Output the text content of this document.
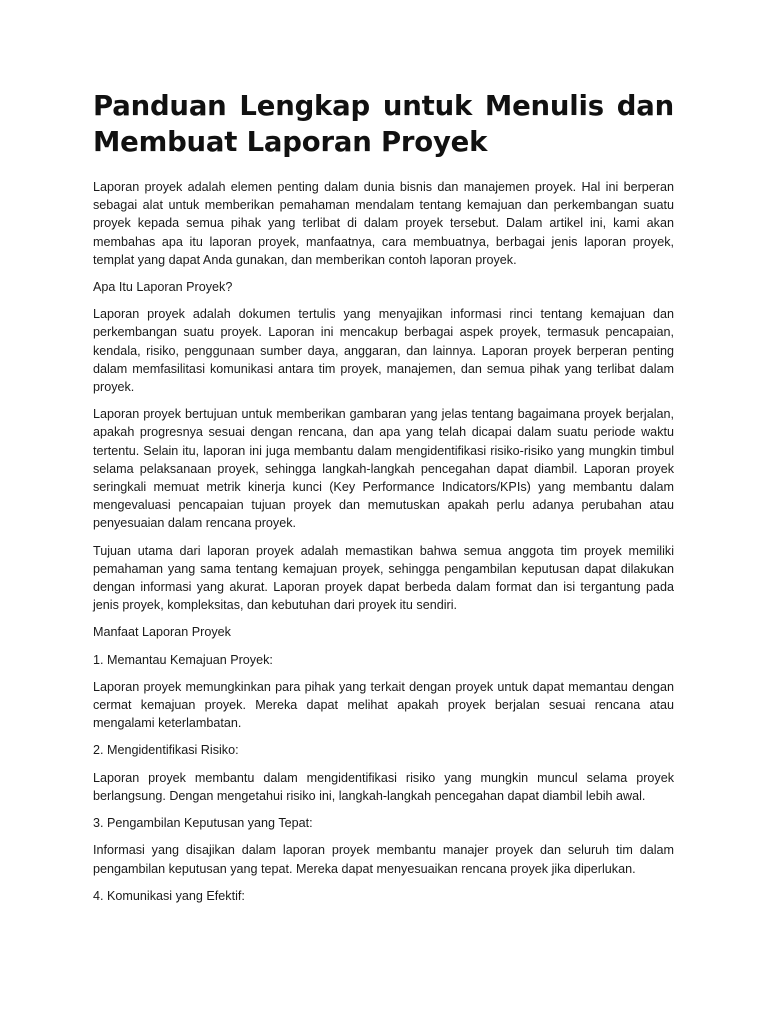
Panduan Lengkap untuk Menulis dan Membuat Laporan Proyek

Laporan proyek adalah elemen penting dalam dunia bisnis dan manajemen proyek. Hal ini berperan sebagai alat untuk memberikan pemahaman mendalam tentang kemajuan dan perkembangan suatu proyek kepada semua pihak yang terlibat di dalam proyek tersebut. Dalam artikel ini, kami akan membahas apa itu laporan proyek, manfaatnya, cara membuatnya, berbagai jenis laporan proyek, templat yang dapat Anda gunakan, dan memberikan contoh laporan proyek.

Apa Itu Laporan Proyek?

Laporan proyek adalah dokumen tertulis yang menyajikan informasi rinci tentang kemajuan dan perkembangan suatu proyek. Laporan ini mencakup berbagai aspek proyek, termasuk pencapaian, kendala, risiko, penggunaan sumber daya, anggaran, dan lainnya. Laporan proyek berperan penting dalam memfasilitasi komunikasi antara tim proyek, manajemen, dan semua pihak yang terlibat dalam proyek.

Laporan proyek bertujuan untuk memberikan gambaran yang jelas tentang bagaimana proyek berjalan, apakah progresnya sesuai dengan rencana, dan apa yang telah dicapai dalam suatu periode waktu tertentu. Selain itu, laporan ini juga membantu dalam mengidentifikasi risiko-risiko yang mungkin timbul selama pelaksanaan proyek, sehingga langkah-langkah pencegahan dapat diambil. Laporan proyek seringkali memuat metrik kinerja kunci (Key Performance Indicators/KPIs) yang membantu dalam mengevaluasi pencapaian tujuan proyek dan memutuskan apakah perlu adanya perubahan atau penyesuaian dalam rencana proyek.

Tujuan utama dari laporan proyek adalah memastikan bahwa semua anggota tim proyek memiliki pemahaman yang sama tentang kemajuan proyek, sehingga pengambilan keputusan dapat dilakukan dengan informasi yang akurat. Laporan proyek dapat berbeda dalam format dan isi tergantung pada jenis proyek, kompleksitas, dan kebutuhan dari proyek itu sendiri.

Manfaat Laporan Proyek

1. Memantau Kemajuan Proyek:

Laporan proyek memungkinkan para pihak yang terkait dengan proyek untuk dapat memantau dengan cermat kemajuan proyek. Mereka dapat melihat apakah proyek berjalan sesuai rencana atau mengalami keterlambatan.

2. Mengidentifikasi Risiko:

Laporan proyek membantu dalam mengidentifikasi risiko yang mungkin muncul selama proyek berlangsung. Dengan mengetahui risiko ini, langkah-langkah pencegahan dapat diambil lebih awal.

3. Pengambilan Keputusan yang Tepat:

Informasi yang disajikan dalam laporan proyek membantu manajer proyek dan seluruh tim dalam pengambilan keputusan yang tepat. Mereka dapat menyesuaikan rencana proyek jika diperlukan.

4. Komunikasi yang Efektif:
